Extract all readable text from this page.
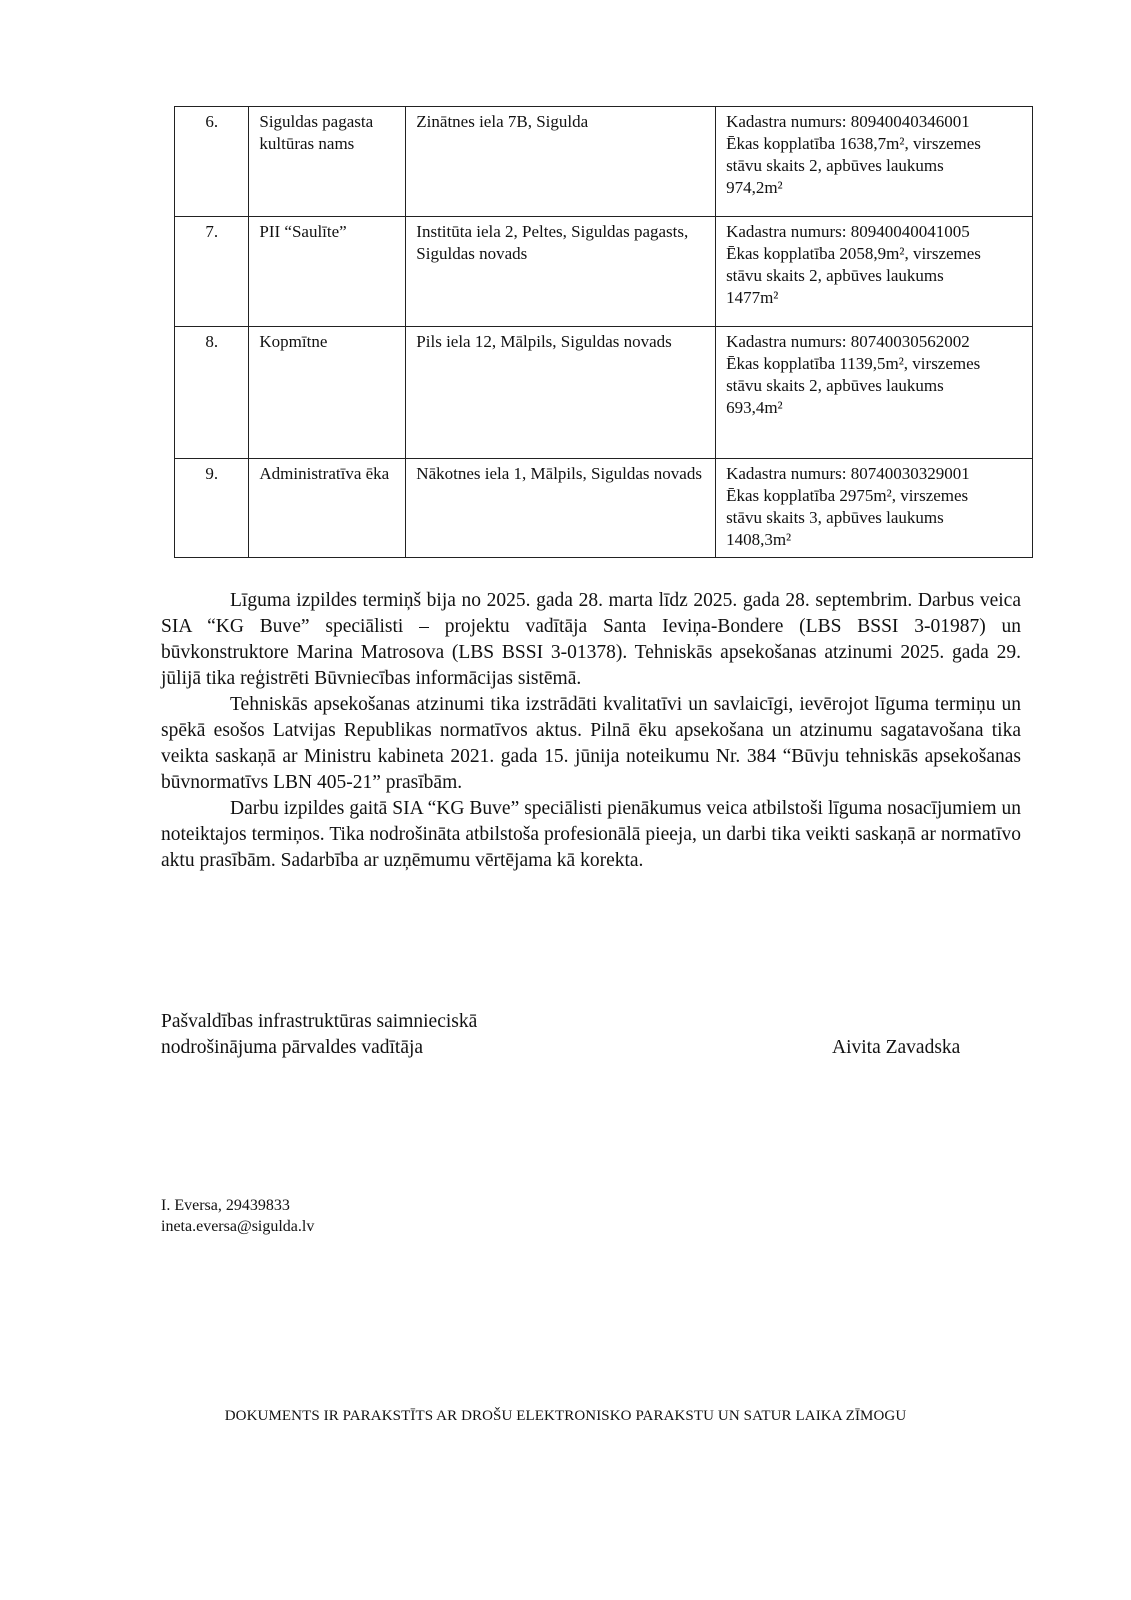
6.	Siguldas pagasta kultūras nams	Zinātnes iela 7B, Sigulda	Kadastra numurs: 80940040346001
Ēkas kopplatība 1638,7m², virszemes
stāvu skaits 2, apbūves laukums
974,2m²

7.	PII “Saulīte”	Institūta iela 2, Peltes, Siguldas pagasts, Siguldas novads	Kadastra numurs: 80940040041005
Ēkas kopplatība 2058,9m², virszemes
stāvu skaits 2, apbūves laukums
1477m²

8.	Kopmītne	Pils iela 12, Mālpils, Siguldas novads	Kadastra numurs: 80740030562002
Ēkas kopplatība 1139,5m², virszemes
stāvu skaits 2, apbūves laukums
693,4m²

9.	Administratīva ēka	Nākotnes iela 1, Mālpils, Siguldas novads	Kadastra numurs: 80740030329001
Ēkas kopplatība 2975m², virszemes
stāvu skaits 3, apbūves laukums
1408,3m²

Līguma izpildes termiņš bija no 2025. gada 28. marta līdz 2025. gada 28. septembrim. Darbus veica SIA “KG Buve” speciālisti – projektu vadītāja Santa Ieviņa-Bondere (LBS BSSI 3-01987) un būvkonstruktore Marina Matrosova (LBS BSSI 3-01378). Tehniskās apsekošanas atzinumi 2025. gada 29. jūlijā tika reģistrēti Būvniecības informācijas sistēmā.

Tehniskās apsekošanas atzinumi tika izstrādāti kvalitatīvi un savlaicīgi, ievērojot līguma termiņu un spēkā esošos Latvijas Republikas normatīvos aktus. Pilnā ēku apsekošana un atzinumu sagatavošana tika veikta saskaņā ar Ministru kabineta 2021. gada 15. jūnija noteikumu Nr. 384 “Būvju tehniskās apsekošanas būvnormatīvs LBN 405-21” prasībām.

Darbu izpildes gaitā SIA “KG Buve” speciālisti pienākumus veica atbilstoši līguma nosacījumiem un noteiktajos termiņos. Tika nodrošināta atbilstoša profesionālā pieeja, un darbi tika veikti saskaņā ar normatīvo aktu prasībām. Sadarbība ar uzņēmumu vērtējama kā korekta.

Pašvaldības infrastruktūras saimnieciskā
nodrošinājuma pārvaldes vadītāja	Aivita Zavadska
I. Eversa, 29439833
ineta.eversa@sigulda.lv
DOKUMENTS IR PARAKSTĪTS AR DROŠU ELEKTRONISKO PARAKSTU UN SATUR LAIKA ZĪMOGU
